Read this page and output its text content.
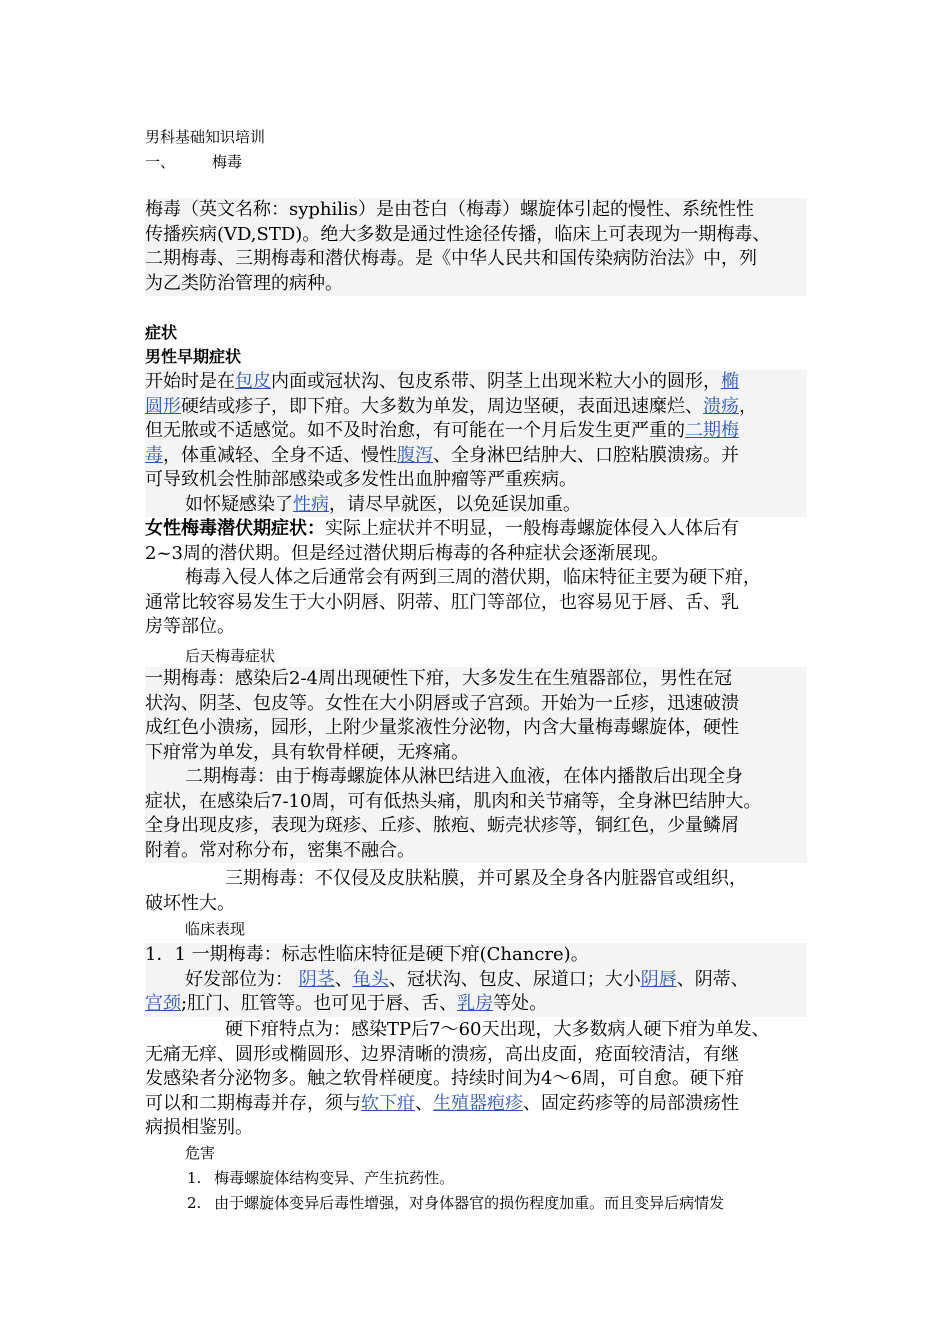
男科基础知识培训
一、 梅毒
梅毒（英文名称：syphilis）是由苍白（梅毒）螺旋体引起的慢性、系统性性
传播疾病(VD,STD)。绝大多数是通过性途径传播，临床上可表现为一期梅毒、
二期梅毒、三期梅毒和潜伏梅毒。是《中华人民共和国传染病防治法》中，列
为乙类防治管理的病种。
症状
男性早期症状
开始时是在包皮内面或冠状沟、包皮系带、阴茎上出现米粒大小的圆形，椭
圆形硬结或疹子，即下疳。大多数为单发，周边坚硬，表面迅速糜烂、溃疡，
但无脓或不适感觉。如不及时治愈，有可能在一个月后发生更严重的二期梅
毒，体重减轻、全身不适、慢性腹泻、全身淋巴结肿大、口腔粘膜溃疡。并
可导致机会性肺部感染或多发性出血肿瘤等严重疾病。
如怀疑感染了性病，请尽早就医，以免延误加重。
女性梅毒潜伏期症状：实际上症状并不明显，一般梅毒螺旋体侵入人体后有
2~3周的潜伏期。但是经过潜伏期后梅毒的各种症状会逐渐展现。
梅毒入侵人体之后通常会有两到三周的潜伏期，临床特征主要为硬下疳，
通常比较容易发生于大小阴唇、阴蒂、肛门等部位，也容易见于唇、舌、乳
房等部位。
后天梅毒症状
一期梅毒：感染后2-4周出现硬性下疳，大多发生在生殖器部位，男性在冠
状沟、阴茎、包皮等。女性在大小阴唇或子宫颈。开始为一丘疹，迅速破溃
成红色小溃疡，园形，上附少量浆液性分泌物，内含大量梅毒螺旋体，硬性
下疳常为单发，具有软骨样硬，无疼痛。
二期梅毒：由于梅毒螺旋体从淋巴结进入血液，在体内播散后出现全身
症状，在感染后7-10周，可有低热头痛，肌肉和关节痛等，全身淋巴结肿大。
全身出现皮疹，表现为斑疹、丘疹、脓疱、蛎壳状疹等，铜红色，少量鳞屑
附着。常对称分布，密集不融合。
三期梅毒：不仅侵及皮肤粘膜，并可累及全身各内脏器官或组织，
破坏性大。
临床表现
1．1 一期梅毒：标志性临床特征是硬下疳(Chancre)。
好发部位为： 阴茎、龟头、冠状沟、包皮、尿道口；大小阴唇、阴蒂、
宫颈;肛门、肛管等。也可见于唇、舌、乳房等处。
硬下疳特点为：感染TP后7～60天出现，大多数病人硬下疳为单发、
无痛无痒、圆形或椭圆形、边界清晰的溃疡，高出皮面，疮面较清洁，有继
发感染者分泌物多。触之软骨样硬度。持续时间为4～6周，可自愈。硬下疳
可以和二期梅毒并存，须与软下疳、生殖器疱疹、固定药疹等的局部溃疡性
病损相鉴别。
危害
1. 梅毒螺旋体结构变异、产生抗药性。
2. 由于螺旋体变异后毒性增强，对身体器官的损伤程度加重。而且变异后病情发
